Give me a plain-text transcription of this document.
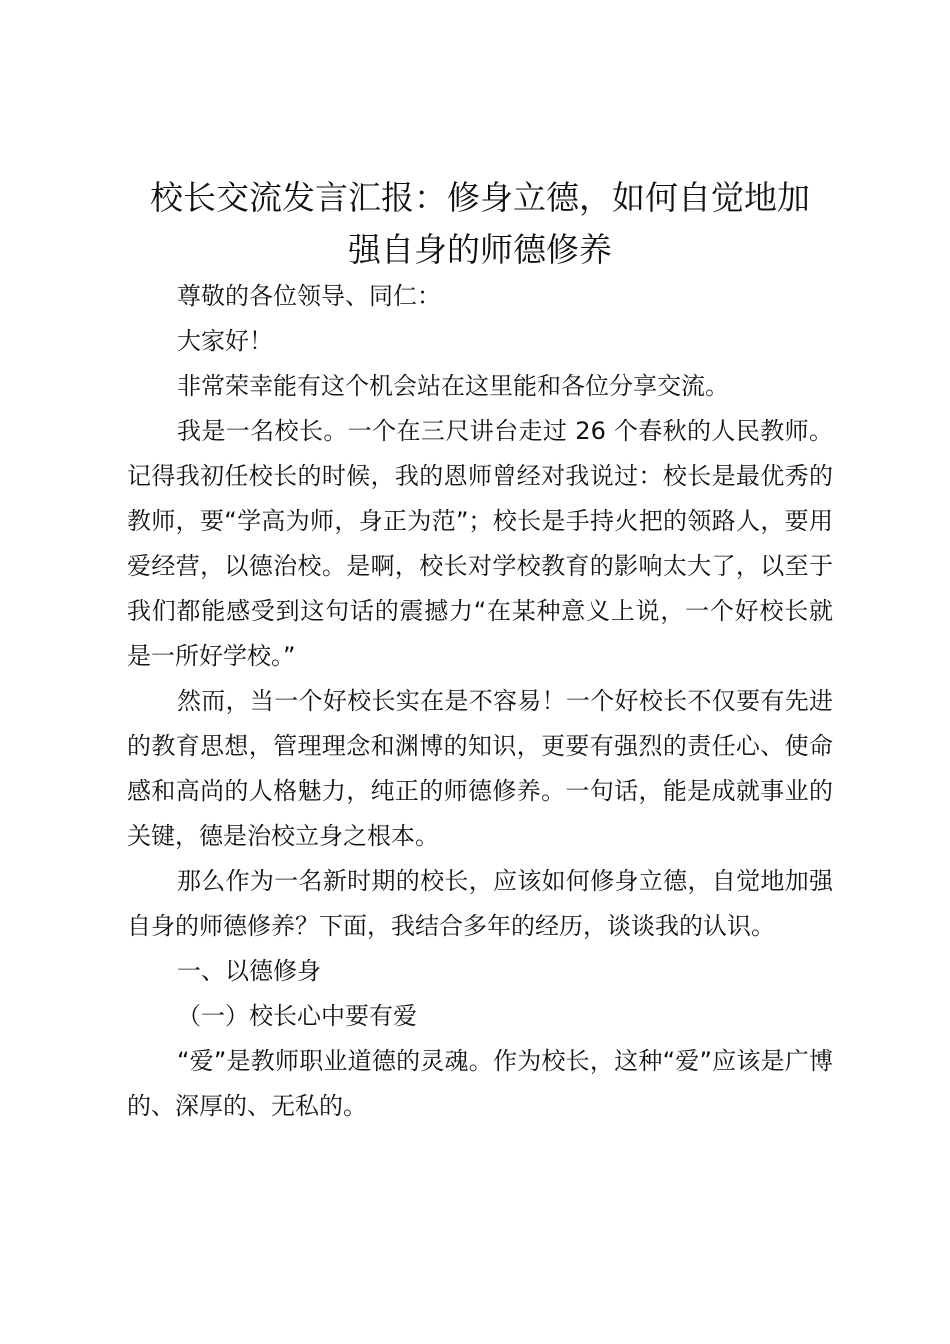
校长交流发言汇报：修身立德，如何自觉地加
强自身的师德修养

尊敬的各位领导、同仁：

大家好！

非常荣幸能有这个机会站在这里能和各位分享交流。

我是一名校长。一个在三尺讲台走过 26 个春秋的人民教师。记得我初任校长的时候，我的恩师曾经对我说过：校长是最优秀的教师，要“学高为师，身正为范”；校长是手持火把的领路人，要用爱经营，以德治校。是啊，校长对学校教育的影响太大了，以至于我们都能感受到这句话的震撼力“在某种意义上说，一个好校长就是一所好学校。”

然而，当一个好校长实在是不容易！一个好校长不仅要有先进的教育思想，管理理念和渊博的知识，更要有强烈的责任心、使命感和高尚的人格魅力，纯正的师德修养。一句话，能是成就事业的关键，德是治校立身之根本。

那么作为一名新时期的校长，应该如何修身立德，自觉地加强自身的师德修养？下面，我结合多年的经历，谈谈我的认识。

一、以德修身

（一）校长心中要有爱

“爱”是教师职业道德的灵魂。作为校长，这种“爱”应该是广博的、深厚的、无私的。
